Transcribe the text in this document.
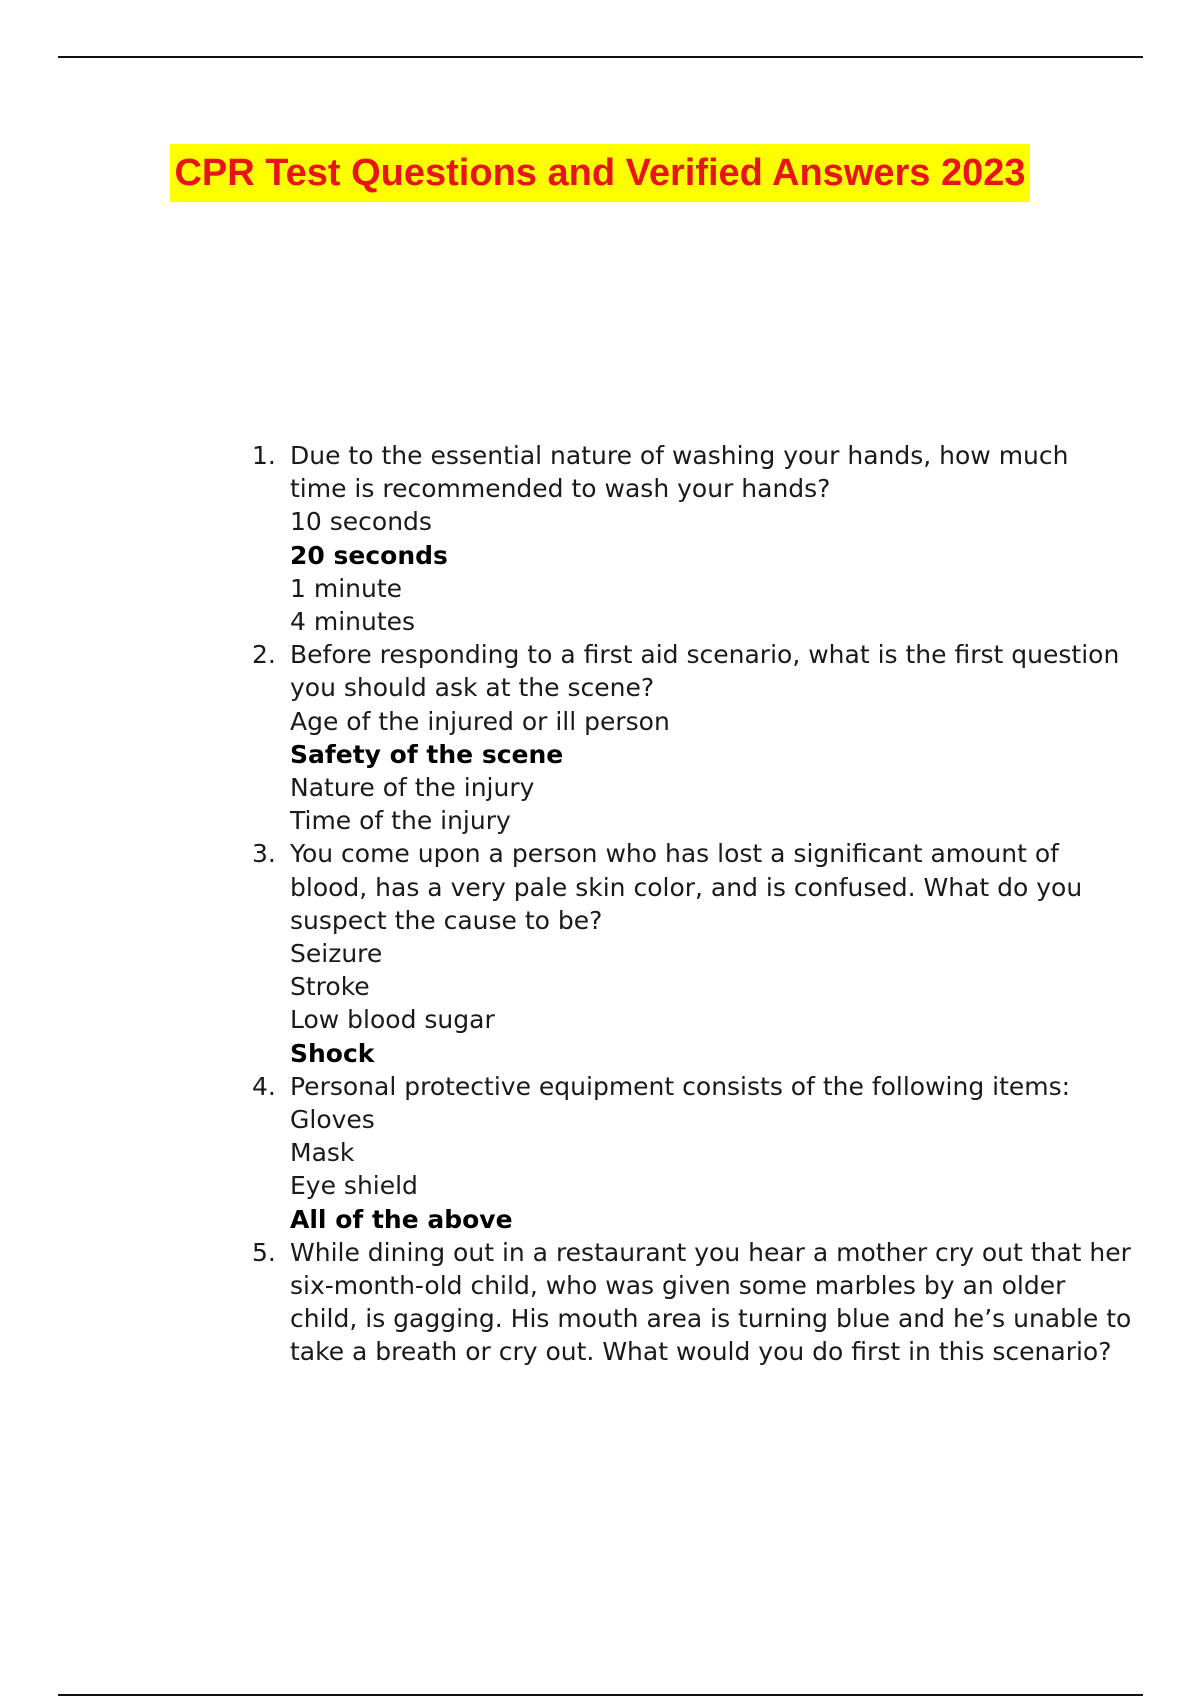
CPR Test Questions and Verified Answers 2023
1. Due to the essential nature of washing your hands, how much time is recommended to wash your hands?
10 seconds
20 seconds
1 minute
4 minutes
2. Before responding to a first aid scenario, what is the first question you should ask at the scene?
Age of the injured or ill person
Safety of the scene
Nature of the injury
Time of the injury
3. You come upon a person who has lost a significant amount of blood, has a very pale skin color, and is confused. What do you suspect the cause to be?
Seizure
Stroke
Low blood sugar
Shock
4. Personal protective equipment consists of the following items:
Gloves
Mask
Eye shield
All of the above
5. While dining out in a restaurant you hear a mother cry out that her six-month-old child, who was given some marbles by an older child, is gagging. His mouth area is turning blue and he’s unable to take a breath or cry out. What would you do first in this scenario?
